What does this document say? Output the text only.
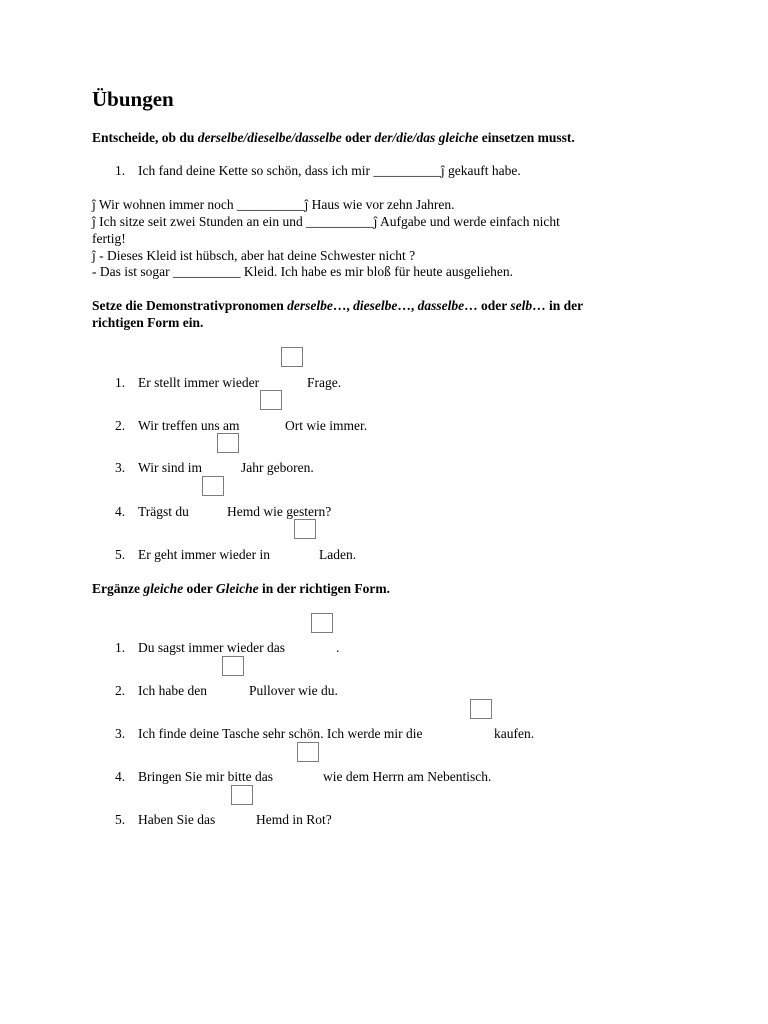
Übungen
Entscheide, ob du derselbe/dieselbe/dasselbe oder der/die/das gleiche einsetzen musst.
1. Ich fand deine Kette so schön, dass ich mir __________ĵ gekauft habe.
ĵ Wir wohnen immer noch __________ĵ Haus wie vor zehn Jahren.
ĵ Ich sitze seit zwei Stunden an ein und __________ĵ Aufgabe und werde einfach nicht
fertig!
ĵ - Dieses Kleid ist hübsch, aber hat deine Schwester nicht ?
- Das ist sogar __________ Kleid. Ich habe es mir bloß für heute ausgeliehen.
Setze die Demonstrativpronomen derselbe…, dieselbe…, dasselbe… oder selb… in der
richtigen Form ein.
1. Er stellt immer wieder	Frage.
2. Wir treffen uns am	Ort wie immer.
3. Wir sind im	Jahr geboren.
4. Trägst du	Hemd wie gestern?
5. Er geht immer wieder in	Laden.
Ergänze gleiche oder Gleiche in der richtigen Form.
1. Du sagst immer wieder das	.
2. Ich habe den	Pullover wie du.
3. Ich finde deine Tasche sehr schön. Ich werde mir die	kaufen.
4. Bringen Sie mir bitte das	wie dem Herrn am Nebentisch.
5. Haben Sie das	Hemd in Rot?
